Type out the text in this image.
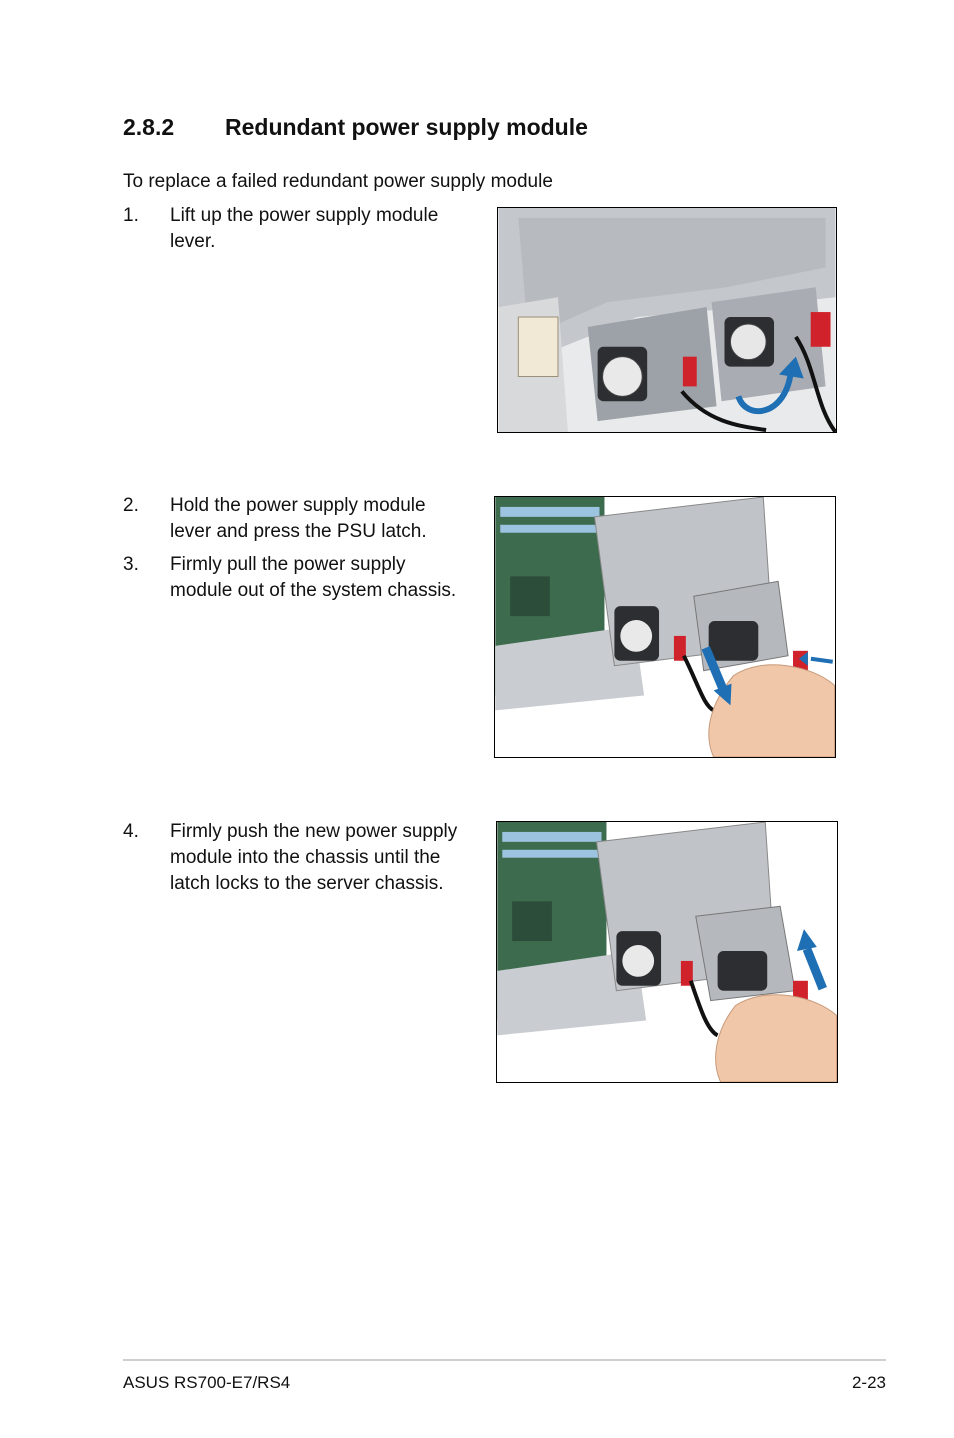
2.8.2 Redundant power supply module
To replace a failed redundant power supply module
1. Lift up the power supply module
lever.
2. Hold the power supply module
lever and press the PSU latch.
3. Firmly pull the power supply
module out of the system chassis.
4. Firmly push the new power supply
module into the chassis until the
latch locks to the server chassis.
ASUS RS700-E7/RS4	2-23
